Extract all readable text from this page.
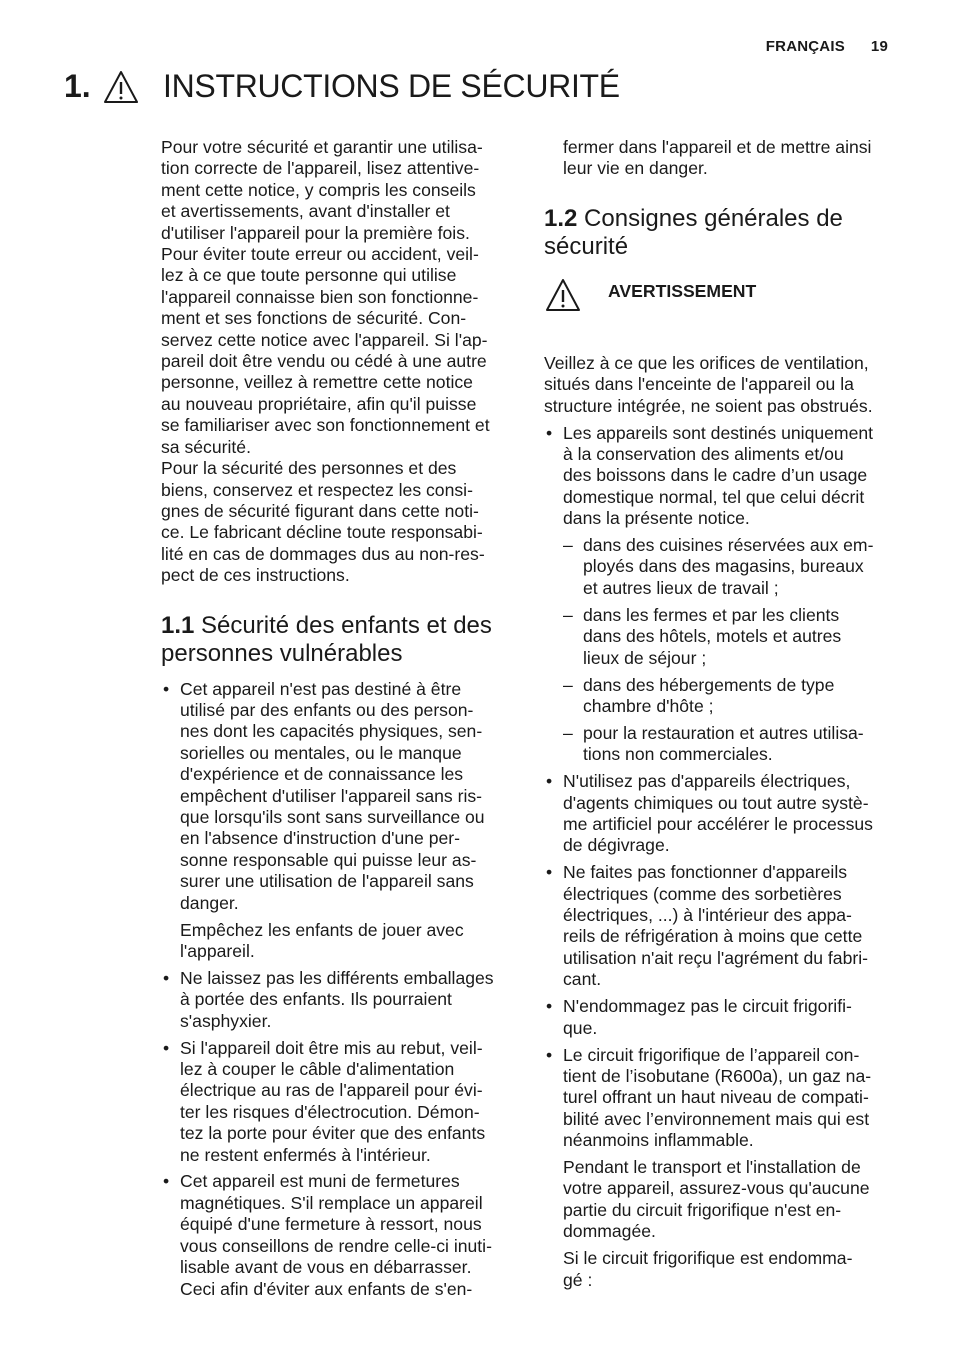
FRANÇAIS 19
1. INSTRUCTIONS DE SÉCURITÉ

Pour votre sécurité et garantir une utilisa-
tion correcte de l'appareil, lisez attentive-
ment cette notice, y compris les conseils
et avertissements, avant d'installer et
d'utiliser l'appareil pour la première fois.
Pour éviter toute erreur ou accident, veil-
lez à ce que toute personne qui utilise
l'appareil connaisse bien son fonctionne-
ment et ses fonctions de sécurité. Con-
servez cette notice avec l'appareil. Si l'ap-
pareil doit être vendu ou cédé à une autre
personne, veillez à remettre cette notice
au nouveau propriétaire, afin qu'il puisse
se familiariser avec son fonctionnement et
sa sécurité.

Pour la sécurité des personnes et des
biens, conservez et respectez les consi-
gnes de sécurité figurant dans cette noti-
ce. Le fabricant décline toute responsabi-
lité en cas de dommages dus au non-res-
pect de ces instructions.

1.1 Sécurité des enfants et des
personnes vulnérables
• Cet appareil n'est pas destiné à être
utilisé par des enfants ou des person-
nes dont les capacités physiques, sen-
sorielles ou mentales, ou le manque
d'expérience et de connaissance les
empêchent d'utiliser l'appareil sans ris-
que lorsqu'ils sont sans surveillance ou
en l'absence d'instruction d'une per-
sonne responsable qui puisse leur as-
surer une utilisation de l'appareil sans
danger.
Empêchez les enfants de jouer avec
l'appareil.
• Ne laissez pas les différents emballages
à portée des enfants. Ils pourraient
s'asphyxier.
• Si l'appareil doit être mis au rebut, veil-
lez à couper le câble d'alimentation
électrique au ras de l'appareil pour évi-
ter les risques d'électrocution. Démon-
tez la porte pour éviter que des enfants
ne restent enfermés à l'intérieur.
• Cet appareil est muni de fermetures
magnétiques. S'il remplace un appareil
équipé d'une fermeture à ressort, nous
vous conseillons de rendre celle-ci inuti-
lisable avant de vous en débarrasser.
Ceci afin d'éviter aux enfants de s'en-
fermer dans l'appareil et de mettre ainsi
leur vie en danger.
1.2 Consignes générales de
sécurité
AVERTISSEMENT

Veillez à ce que les orifices de ventilation,
situés dans l'enceinte de l'appareil ou la
structure intégrée, ne soient pas obstrués.

• Les appareils sont destinés uniquement
à la conservation des aliments et/ou
des boissons dans le cadre d’un usage
domestique normal, tel que celui décrit
dans la présente notice.
– dans des cuisines réservées aux em-
ployés dans des magasins, bureaux
et autres lieux de travail ;
– dans les fermes et par les clients
dans des hôtels, motels et autres
lieux de séjour ;
– dans des hébergements de type
chambre d'hôte ;
– pour la restauration et autres utilisa-
tions non commerciales.
• N'utilisez pas d'appareils électriques,
d'agents chimiques ou tout autre systè-
me artificiel pour accélérer le processus
de dégivrage.
• Ne faites pas fonctionner d'appareils
électriques (comme des sorbetières
électriques, ...) à l'intérieur des appa-
reils de réfrigération à moins que cette
utilisation n'ait reçu l'agrément du fabri-
cant.
• N'endommagez pas le circuit frigorifi-
que.
• Le circuit frigorifique de l’appareil con-
tient de l’isobutane (R600a), un gaz na-
turel offrant un haut niveau de compati-
bilité avec l’environnement mais qui est
néanmoins inflammable.
Pendant le transport et l'installation de
votre appareil, assurez-vous qu'aucune
partie du circuit frigorifique n'est en-
dommagée.
Si le circuit frigorifique est endomma-
gé :
